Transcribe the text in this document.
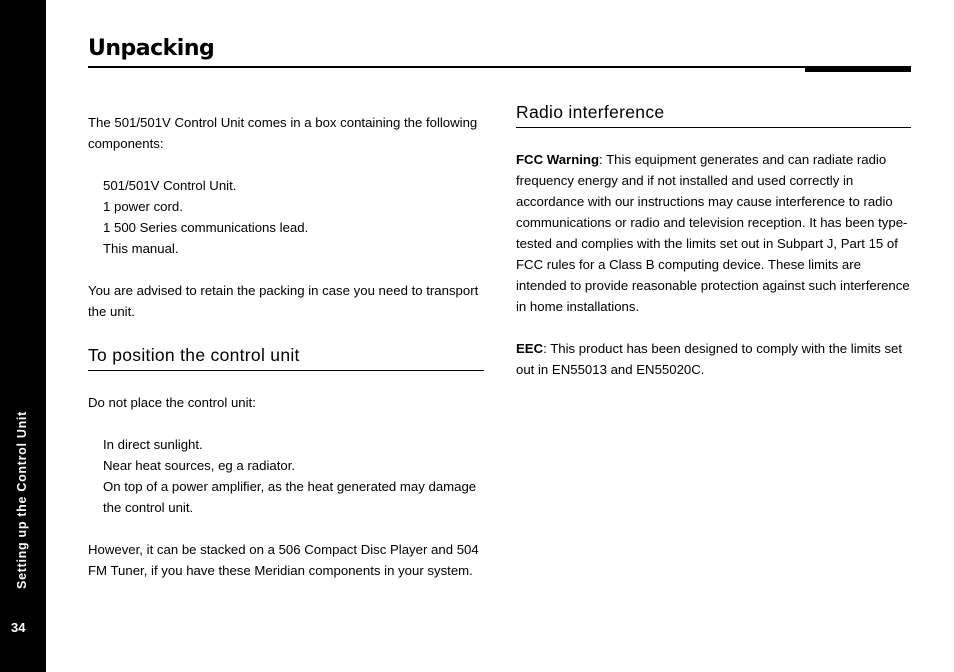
Setting up the Control Unit
34
Unpacking

The 501/501V Control Unit comes in a box containing the following components:

501/501V Control Unit.
1 power cord.
1 500 Series communications lead.
This manual.

You are advised to retain the packing in case you need to transport the unit.

To position the control unit

Do not place the control unit:

In direct sunlight.
Near heat sources, eg a radiator.
On top of a power amplifier, as the heat generated may damage the control unit.

However, it can be stacked on a 506 Compact Disc Player and 504 FM Tuner, if you have these Meridian components in your system.

Radio interference

FCC Warning: This equipment generates and can radiate radio frequency energy and if not installed and used correctly in accordance with our instructions may cause interference to radio communications or radio and television reception. It has been type-tested and complies with the limits set out in Subpart J, Part 15 of FCC rules for a Class B computing device. These limits are intended to provide reasonable protection against such interference in home installations.

EEC: This product has been designed to comply with the limits set out in EN55013 and EN55020C.
